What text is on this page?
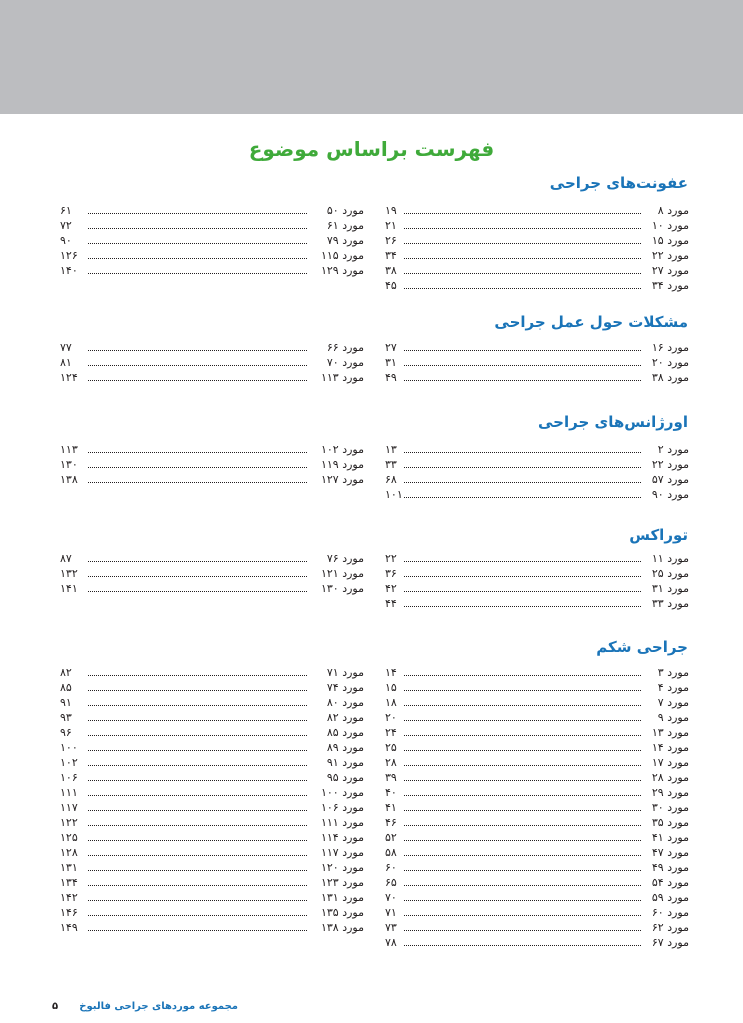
فهرست براساس موضوع
عفونت‌های جراحی
مورد ۸
۱۹
مورد ۱۰
۲۱
مورد ۱۵
۲۶
مورد ۲۲
۳۴
مورد ۲۷
۳۸
مورد ۳۴
۴۵
مورد ۵۰
۶۱
مورد ۶۱
۷۲
مورد ۷۹
۹۰
مورد ۱۱۵
۱۲۶
مورد ۱۲۹
۱۴۰
مشکلات حول عمل جراحی
مورد ۱۶
۲۷
مورد ۲۰
۳۱
مورد ۳۸
۴۹
مورد ۶۶
۷۷
مورد ۷۰
۸۱
مورد ۱۱۳
۱۲۴
اورژانس‌های جراحی
مورد ۲
۱۳
مورد ۲۲
۳۳
مورد ۵۷
۶۸
مورد ۹۰
۱۰۱
مورد ۱۰۲
۱۱۳
مورد ۱۱۹
۱۳۰
مورد ۱۲۷
۱۳۸
توراکس
مورد ۱۱
۲۲
مورد ۲۵
۳۶
مورد ۳۱
۴۲
مورد ۳۳
۴۴
مورد ۷۶
۸۷
مورد ۱۲۱
۱۳۲
مورد ۱۳۰
۱۴۱
جراحی شکم
مورد ۳
۱۴
مورد ۴
۱۵
مورد ۷
۱۸
مورد ۹
۲۰
مورد ۱۳
۲۴
مورد ۱۴
۲۵
مورد ۱۷
۲۸
مورد ۲۸
۳۹
مورد ۲۹
۴۰
مورد ۳۰
۴۱
مورد ۳۵
۴۶
مورد ۴۱
۵۲
مورد ۴۷
۵۸
مورد ۴۹
۶۰
مورد ۵۴
۶۵
مورد ۵۹
۷۰
مورد ۶۰
۷۱
مورد ۶۲
۷۳
مورد ۶۷
۷۸
مورد ۷۱
۸۲
مورد ۷۴
۸۵
مورد ۸۰
۹۱
مورد ۸۲
۹۳
مورد ۸۵
۹۶
مورد ۸۹
۱۰۰
مورد ۹۱
۱۰۲
مورد ۹۵
۱۰۶
مورد ۱۰۰
۱۱۱
مورد ۱۰۶
۱۱۷
مورد ۱۱۱
۱۲۲
مورد ۱۱۴
۱۲۵
مورد ۱۱۷
۱۲۸
مورد ۱۲۰
۱۳۱
مورد ۱۲۳
۱۳۴
مورد ۱۳۱
۱۴۲
مورد ۱۳۵
۱۴۶
مورد ۱۳۸
۱۴۹
مجموعه موردهای جراحی فالبوخ
۵
